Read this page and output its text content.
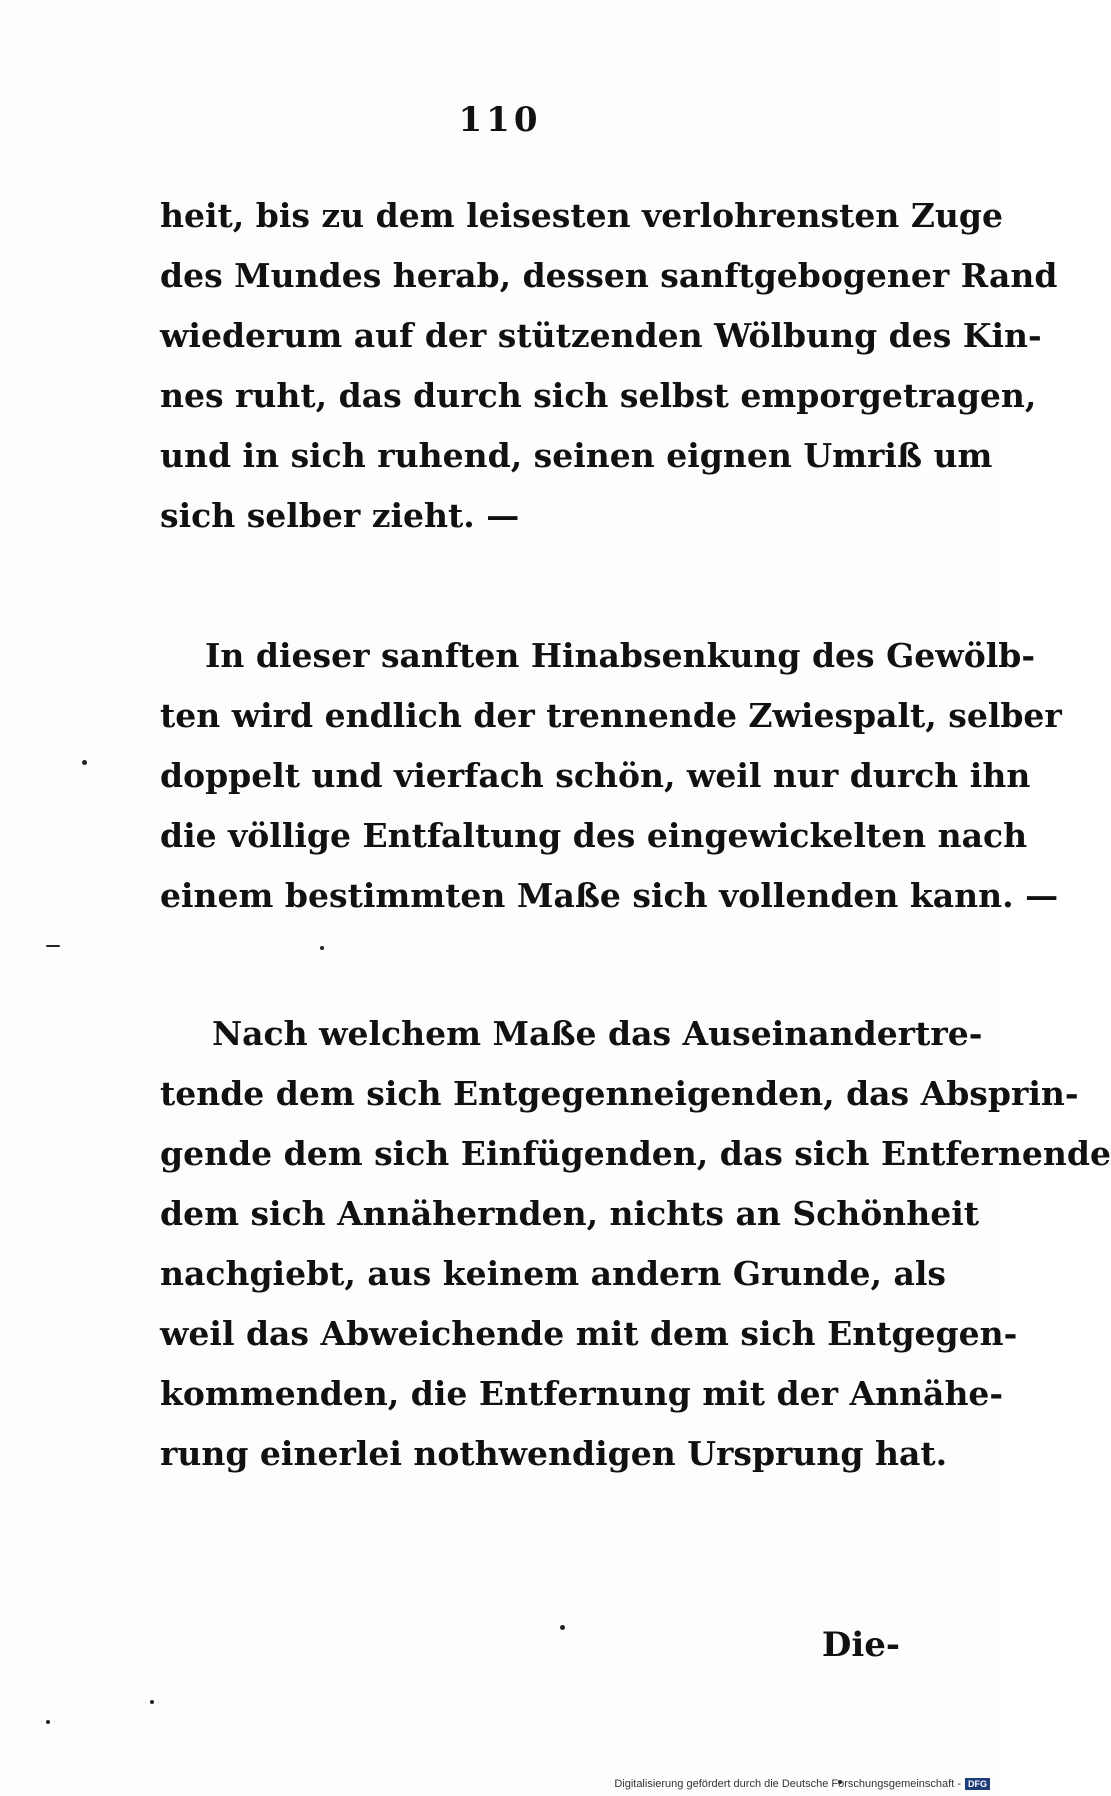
110
heit, bis zu dem leisesten verlohrensten Zuge
des Mundes herab, dessen sanftgebogener Rand
wiederum auf der stützenden Wölbung des Kin-
nes ruht, das durch sich selbst emporgetragen,
und in sich ruhend, seinen eignen Umriß um
sich selber zieht. —
In dieser sanften Hinabsenkung des Gewölb-
ten wird endlich der trennende Zwiespalt, selber
doppelt und vierfach schön, weil nur durch ihn
die völlige Entfaltung des eingewickelten nach
einem bestimmten Maße sich vollenden kann. —
Nach welchem Maße das Auseinandertre-
tende dem sich Entgegenneigenden, das Absprin-
gende dem sich Einfügenden, das sich Entfernende
dem sich Annähernden, nichts an Schönheit
nachgiebt, aus keinem andern Grunde, als
weil das Abweichende mit dem sich Entgegen-
kommenden, die Entfernung mit der Annähe-
rung einerlei nothwendigen Ursprung hat.
Die-
Digitalisierung gefördert durch die Deutsche Forschungsgemeinschaft - DFG
